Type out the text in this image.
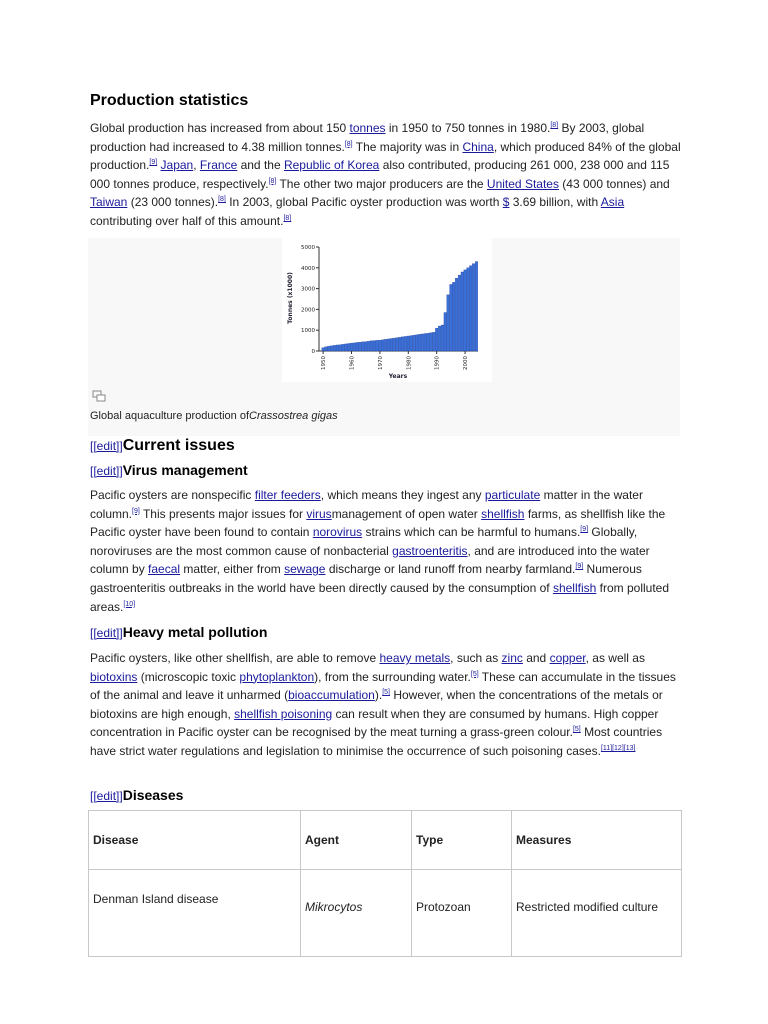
Production statistics

Global production has increased from about 150 tonnes in 1950 to 750 tonnes in 1980.[8] By 2003, global production had increased to 4.38 million tonnes.[8] The majority was in China, which produced 84% of the global production.[9] Japan, France and the Republic of Korea also contributed, producing 261 000, 238 000 and 115 000 tonnes produce, respectively.[8] The other two major producers are the United States (43 000 tonnes) and Taiwan (23 000 tonnes).[8] In 2003, global Pacific oyster production was worth $ 3.69 billion, with Asia contributing over half of this amount.[8]

0
1000
2000
3000
4000
5000
1950	1960	1970	1980	1990	2000
Tonnes (x1000)
Years
Global aquaculture production ofCrassostrea gigas
[[edit]]Current issues
[[edit]]Virus management

Pacific oysters are nonspecific filter feeders, which means they ingest any particulate matter in the water column.[9] This presents major issues for virusmanagement of open water shellfish farms, as shellfish like the Pacific oyster have been found to contain norovirus strains which can be harmful to humans.[9] Globally, noroviruses are the most common cause of nonbacterial gastroenteritis, and are introduced into the water column by faecal matter, either from sewage discharge or land runoff from nearby farmland.[9] Numerous gastroenteritis outbreaks in the world have been directly caused by the consumption of shellfish from polluted areas.[10]

[[edit]]Heavy metal pollution

Pacific oysters, like other shellfish, are able to remove heavy metals, such as zinc and copper, as well as biotoxins (microscopic toxic phytoplankton), from the surrounding water.[5] These can accumulate in the tissues of the animal and leave it unharmed (bioaccumulation).[5] However, when the concentrations of the metals or biotoxins are high enough, shellfish poisoning can result when they are consumed by humans. High copper concentration in Pacific oyster can be recognised by the meat turning a grass-green colour.[5] Most countries have strict water regulations and legislation to minimise the occurrence of such poisoning cases.[11][12][13]

[[edit]]Diseases
Disease	Agent	Type	Measures
Denman Island disease	Mikrocytos	Protozoan	Restricted modified culture
